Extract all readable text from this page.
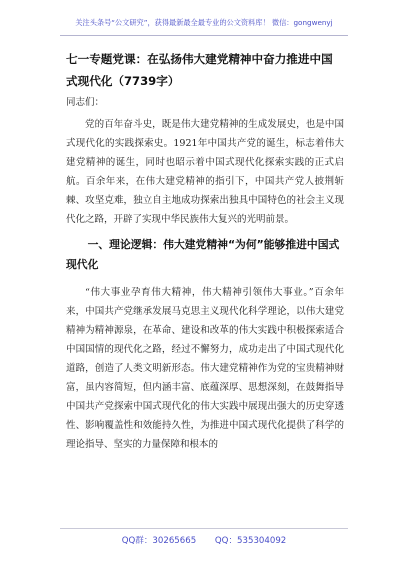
关注头条号“公文研究”，获得最新最全最专业的公文资料库！ 微信：gongwenyj

七一专题党课：在弘扬伟大建党精神中奋力推进中国式现代化（7739字）

同志们：

党的百年奋斗史，既是伟大建党精神的生成发展史，也是中国式现代化的实践探索史。1921年中国共产党的诞生，标志着伟大建党精神的诞生，同时也昭示着中国式现代化探索实践的正式启航。百余年来，在伟大建党精神的指引下，中国共产党人披荆斩棘、攻坚克难，独立自主地成功探索出独具中国特色的社会主义现代化之路，开辟了实现中华民族伟大复兴的光明前景。

一、理论逻辑：伟大建党精神“为何”能够推进中国式现代化

“伟大事业孕育伟大精神，伟大精神引领伟大事业。”百余年来，中国共产党继承发展马克思主义现代化科学理论，以伟大建党精神为精神源泉，在革命、建设和改革的伟大实践中积极探索适合中国国情的现代化之路，经过不懈努力，成功走出了中国式现代化道路，创造了人类文明新形态。伟大建党精神作为党的宝贵精神财富，虽内容简短，但内涵丰富、底蕴深厚、思想深刻，在鼓舞指导中国共产党探索中国式现代化的伟大实践中展现出强大的历史穿透性、影响覆盖性和效能持久性，为推进中国式现代化提供了科学的理论指导、坚实的力量保障和根本的

QQ群：30265665 QQ：535304092
